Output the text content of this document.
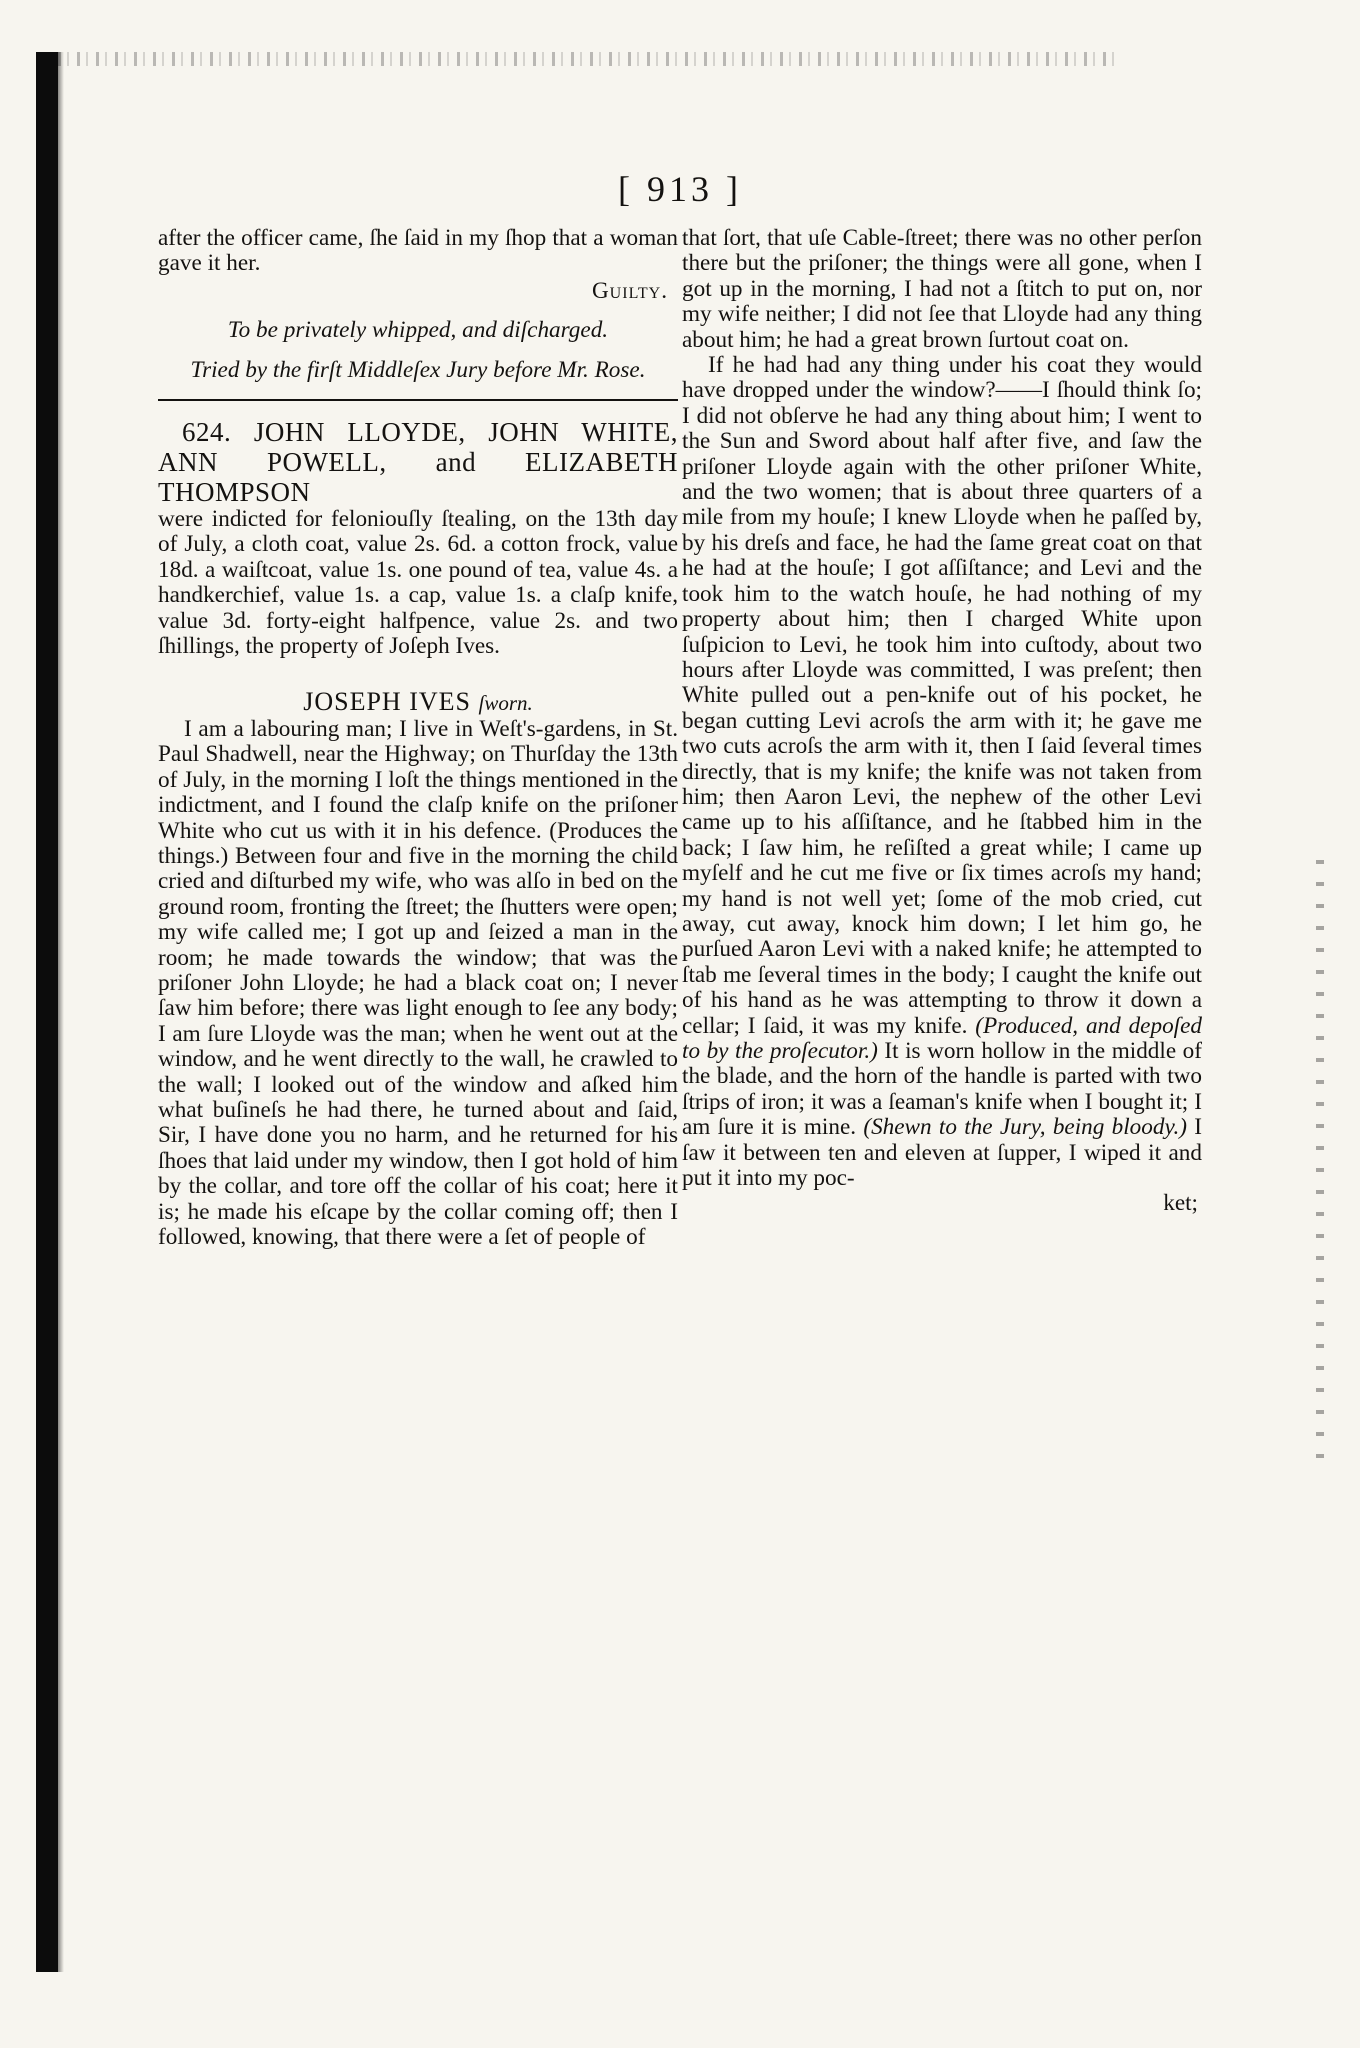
[ 913 ]

after the officer came, ſhe ſaid in my ſhop that a woman gave it her.

Guilty.

To be privately whipped, and diſcharged.

Tried by the firſt Middleſex Jury before Mr. Rose.

624. JOHN LLOYDE, JOHN WHITE, ANN POWELL, and ELIZABETH THOMPSON

were indicted for feloniouſly ſtealing, on the 13th day of July, a cloth coat, value 2s. 6d. a cotton frock, value 18d. a waiſtcoat, value 1s. one pound of tea, value 4s. a handkerchief, value 1s. a cap, value 1s. a claſp knife, value 3d. forty-eight halfpence, value 2s. and two ſhillings, the property of Joſeph Ives.

JOSEPH IVES ſworn.

I am a labouring man; I live in Weſt's-gardens, in St. Paul Shadwell, near the Highway; on Thurſday the 13th of July, in the morning I loſt the things mentioned in the indictment, and I found the claſp knife on the priſoner White who cut us with it in his defence. (Produces the things.) Between four and five in the morning the child cried and diſturbed my wife, who was alſo in bed on the ground room, fronting the ſtreet; the ſhutters were open; my wife called me; I got up and ſeized a man in the room; he made towards the window; that was the priſoner John Lloyde; he had a black coat on; I never ſaw him before; there was light enough to ſee any body; I am ſure Lloyde was the man; when he went out at the window, and he went directly to the wall, he crawled to the wall; I looked out of the window and aſked him what buſineſs he had there, he turned about and ſaid, Sir, I have done you no harm, and he returned for his ſhoes that laid under my window, then I got hold of him by the collar, and tore off the collar of his coat; here it is; he made his eſcape by the collar coming off; then I followed, knowing, that there were a ſet of people of

that ſort, that uſe Cable-ſtreet; there was no other perſon there but the priſoner; the things were all gone, when I got up in the morning, I had not a ſtitch to put on, nor my wife neither; I did not ſee that Lloyde had any thing about him; he had a great brown ſurtout coat on.

If he had had any thing under his coat they would have dropped under the window?——I ſhould think ſo; I did not obſerve he had any thing about him; I went to the Sun and Sword about half after five, and ſaw the priſoner Lloyde again with the other priſoner White, and the two women; that is about three quarters of a mile from my houſe; I knew Lloyde when he paſſed by, by his dreſs and face, he had the ſame great coat on that he had at the houſe; I got aſſiſtance; and Levi and the took him to the watch houſe, he had nothing of my property about him; then I charged White upon ſuſpicion to Levi, he took him into cuſtody, about two hours after Lloyde was committed, I was preſent; then White pulled out a pen-knife out of his pocket, he began cutting Levi acroſs the arm with it; he gave me two cuts acroſs the arm with it, then I ſaid ſeveral times directly, that is my knife; the knife was not taken from him; then Aaron Levi, the nephew of the other Levi came up to his aſſiſtance, and he ſtabbed him in the back; I ſaw him, he reſiſted a great while; I came up myſelf and he cut me five or ſix times acroſs my hand; my hand is not well yet; ſome of the mob cried, cut away, cut away, knock him down; I let him go, he purſued Aaron Levi with a naked knife; he attempted to ſtab me ſeveral times in the body; I caught the knife out of his hand as he was attempting to throw it down a cellar; I ſaid, it was my knife. (Produced, and depoſed to by the proſecutor.) It is worn hollow in the middle of the blade, and the horn of the handle is parted with two ſtrips of iron; it was a ſeaman's knife when I bought it; I am ſure it is mine. (Shewn to the Jury, being bloody.) I ſaw it between ten and eleven at ſupper, I wiped it and put it into my poc-

ket;
